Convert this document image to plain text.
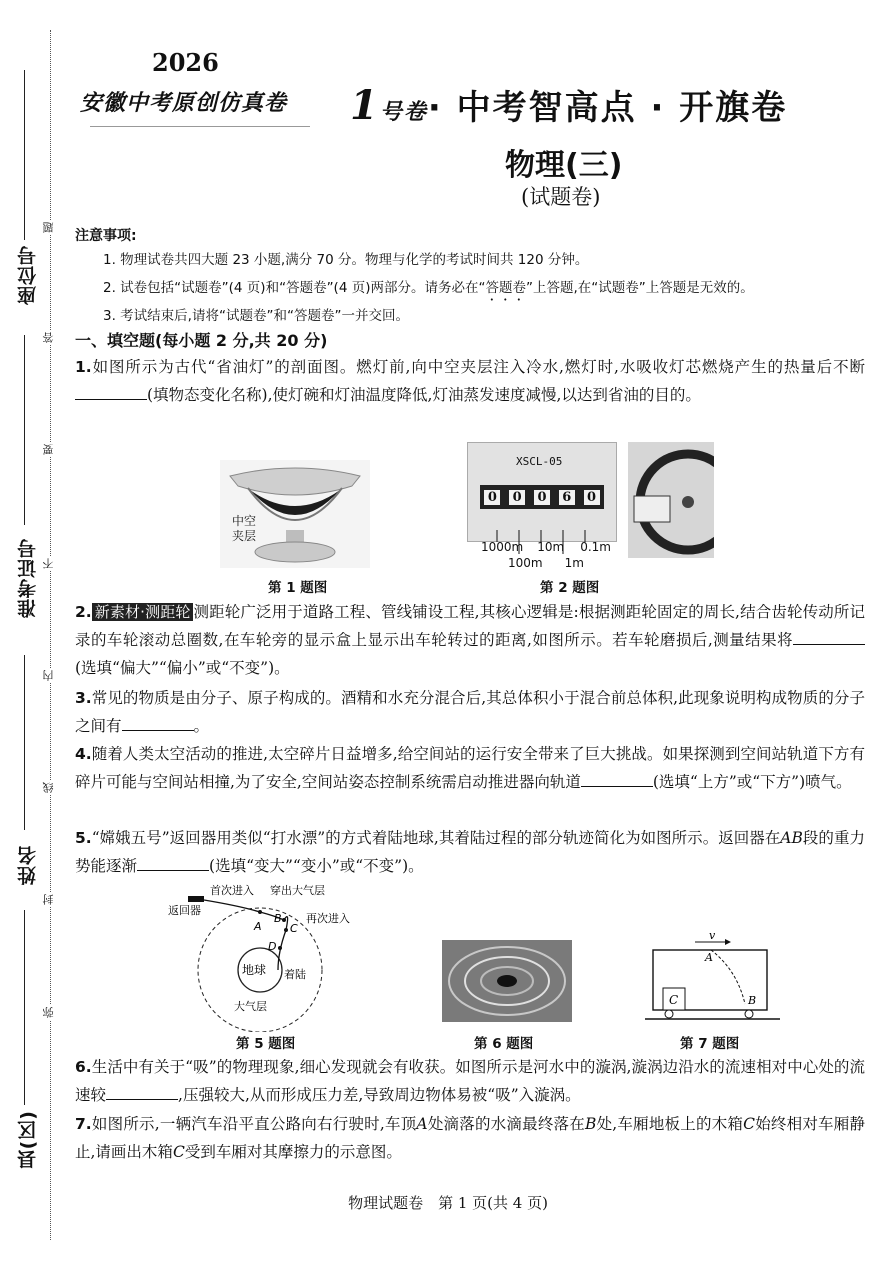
座位号
准考证号
姓名
县(区)
题
答
要
不
内
线
封
弥
2026
安徽中考原创仿真卷 1号卷· 中考智高点 · 开旗卷
物理(三)
(试题卷)
注意事项:
1. 物理试卷共四大题 23 小题,满分 70 分。物理与化学的考试时间共 120 分钟。
2. 试卷包括“试题卷”(4 页)和“答题卷”(4 页)两部分。请务必在“答题卷”上答题,在“试题卷”上答题是无效的。
3. 考试结束后,请将“试题卷”和“答题卷”一并交回。
一、填空题(每小题 2 分,共 20 分)
1.如图所示为古代“省油灯”的剖面图。燃灯前,向中空夹层注入冷水,燃灯时,水吸收灯芯燃烧产生的热量后不断(填物态变化名称),使灯碗和灯油温度降低,灯油蒸发速度减慢,以达到省油的目的。
中空
夹层
第 1 题图
XSCL-05
0 0 0 6 0
1000m 10m 0.1m
100m 1m
第 2 题图
2. 新素材·测距轮 测距轮广泛用于道路工程、管线铺设工程,其核心逻辑是:根据测距轮固定的周长,结合齿轮传动所记录的车轮滚动总圈数,在车轮旁的显示盒上显示出车轮转过的距离,如图所示。若车轮磨损后,测量结果将(选填“偏大”“偏小”或“不变”)。
3.常见的物质是由分子、原子构成的。酒精和水充分混合后,其总体积小于混合前总体积,此现象说明构成物质的分子之间有	。
4.随着人类太空活动的推进,太空碎片日益增多,给空间站的运行安全带来了巨大挑战。如果探测到空间站轨道下方有碎片可能与空间站相撞,为了安全,空间站姿态控制系统需启动推进器向轨道	(选填“上方”或“下方”)喷气。
5.“嫦娥五号”返回器用类似“打水漂”的方式着陆地球,其着陆过程的部分轨迹简化为如图所示。返回器在AB段的重力势能逐渐	(选填“变大”“变小”或“不变”)。
首次进入 穿出大气层
返回器
再次进入
A
B
C
D
地球 着陆
大气层
第 5 题图	第 6 题图
v
A
B
C
第 7 题图
6.生活中有关于“吸”的物理现象,细心发现就会有收获。如图所示是河水中的漩涡,漩涡边沿水的流速相对中心处的流速较	,压强较大,从而形成压力差,导致周边物体易被“吸”入漩涡。
7.如图所示,一辆汽车沿平直公路向右行驶时,车顶A处滴落的水滴最终落在B处,车厢地板上的木箱C始终相对车厢静止,请画出木箱C受到车厢对其摩擦力的示意图。
物理试题卷　第 1 页(共 4 页)
